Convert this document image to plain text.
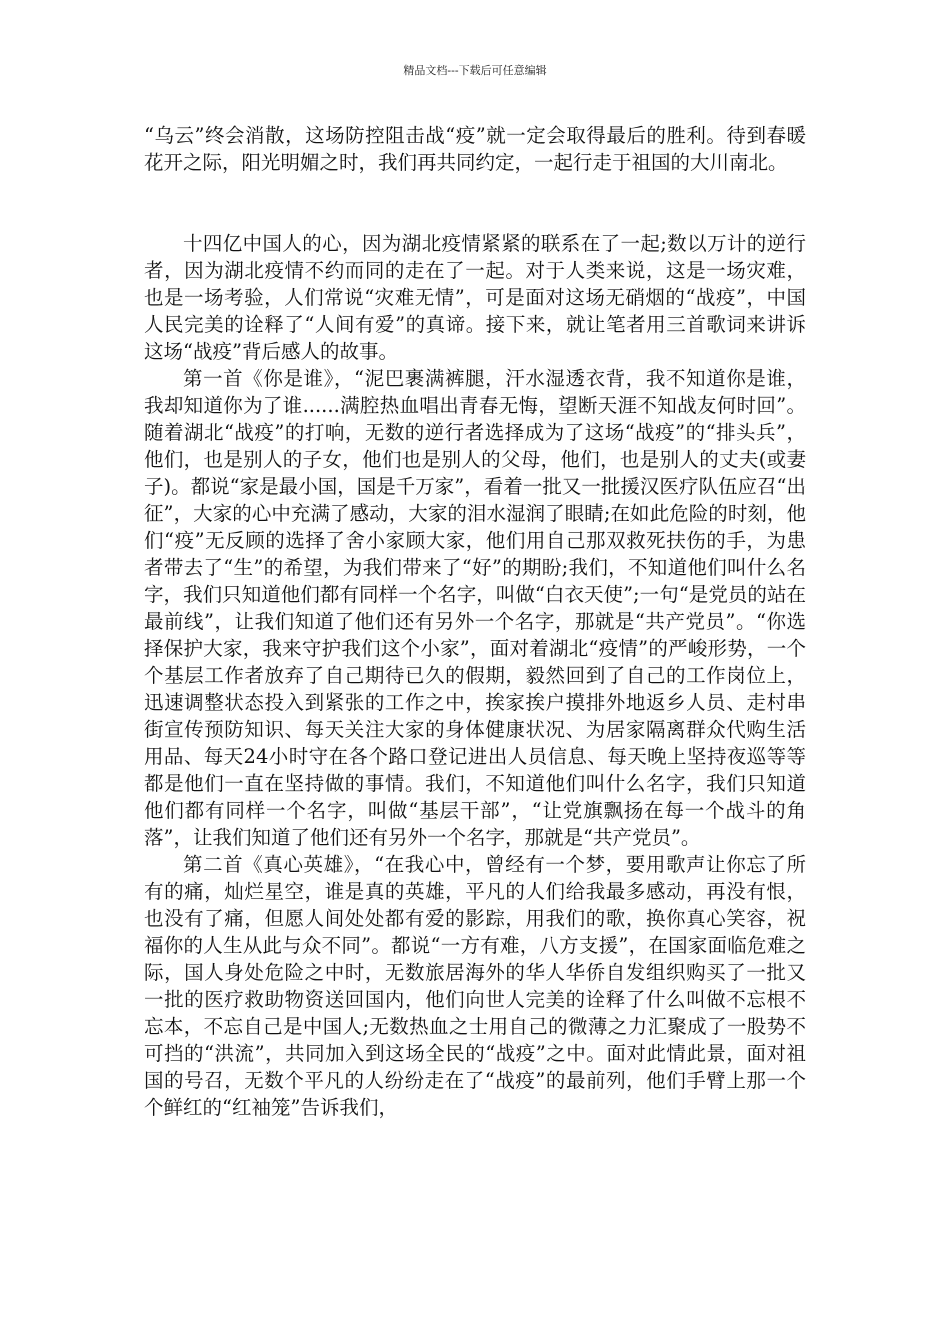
精品文档---下载后可任意编辑

“乌云”终会消散，这场防控阻击战“疫”就一定会取得最后的胜利。待到春暖花开之际，阳光明媚之时，我们再共同约定，一起行走于祖国的大川南北。

十四亿中国人的心，因为湖北疫情紧紧的联系在了一起;数以万计的逆行者，因为湖北疫情不约而同的走在了一起。对于人类来说，这是一场灾难，也是一场考验，人们常说“灾难无情”，可是面对这场无硝烟的“战疫”，中国人民完美的诠释了“人间有爱”的真谛。接下来，就让笔者用三首歌词来讲诉这场“战疫”背后感人的故事。

第一首《你是谁》，“泥巴裹满裤腿，汗水湿透衣背，我不知道你是谁，我却知道你为了谁......满腔热血唱出青春无悔，望断天涯不知战友何时回”。随着湖北“战疫”的打响，无数的逆行者选择成为了这场“战疫”的“排头兵”，他们，也是别人的子女，他们也是别人的父母，他们，也是别人的丈夫(或妻子)。都说“家是最小国，国是千万家”，看着一批又一批援汉医疗队伍应召“出征”，大家的心中充满了感动，大家的泪水湿润了眼睛;在如此危险的时刻，他们“疫”无反顾的选择了舍小家顾大家，他们用自己那双救死扶伤的手，为患者带去了“生”的希望，为我们带来了“好”的期盼;我们，不知道他们叫什么名字，我们只知道他们都有同样一个名字，叫做“白衣天使”;一句“是党员的站在最前线”，让我们知道了他们还有另外一个名字，那就是“共产党员”。“你选择保护大家，我来守护我们这个小家”，面对着湖北“疫情”的严峻形势，一个个基层工作者放弃了自己期待已久的假期，毅然回到了自己的工作岗位上，迅速调整状态投入到紧张的工作之中，挨家挨户摸排外地返乡人员、走村串街宣传预防知识、每天关注大家的身体健康状况、为居家隔离群众代购生活用品、每天24小时守在各个路口登记进出人员信息、每天晚上坚持夜巡等等都是他们一直在坚持做的事情。我们，不知道他们叫什么名字，我们只知道他们都有同样一个名字，叫做“基层干部”，“让党旗飘扬在每一个战斗的角落”，让我们知道了他们还有另外一个名字，那就是“共产党员”。

第二首《真心英雄》，“在我心中，曾经有一个梦，要用歌声让你忘了所有的痛，灿烂星空，谁是真的英雄，平凡的人们给我最多感动，再没有恨，也没有了痛，但愿人间处处都有爱的影踪，用我们的歌，换你真心笑容，祝福你的人生从此与众不同”。都说“一方有难，八方支援”，在国家面临危难之际，国人身处危险之中时，无数旅居海外的华人华侨自发组织购买了一批又一批的医疗救助物资送回国内，他们向世人完美的诠释了什么叫做不忘根不忘本，不忘自己是中国人;无数热血之士用自己的微薄之力汇聚成了一股势不可挡的“洪流”，共同加入到这场全民的“战疫”之中。面对此情此景，面对祖国的号召，无数个平凡的人纷纷走在了“战疫”的最前列，他们手臂上那一个个鲜红的“红袖笼”告诉我们，
